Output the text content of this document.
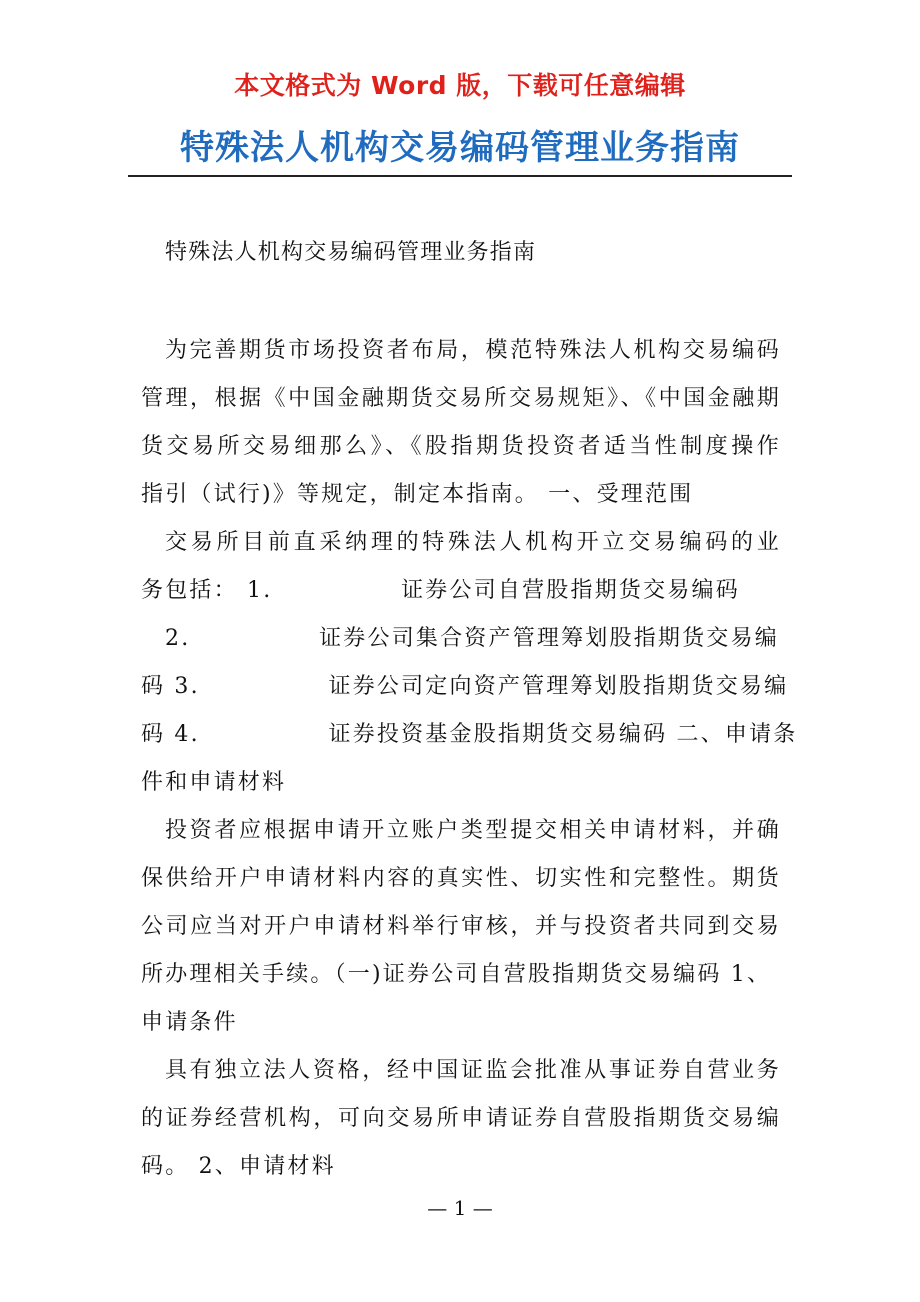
本文格式为 Word 版，下载可任意编辑
特殊法人机构交易编码管理业务指南
特殊法人机构交易编码管理业务指南
为完善期货市场投资者布局，模范特殊法人机构交易编码
管理，根据《中国金融期货交易所交易规矩》、《中国金融期
货交易所交易细那么》、《股指期货投资者适当性制度操作
指引（试行)》等规定，制定本指南。 一、受理范围
交易所目前直采纳理的特殊法人机构开立交易编码的业
务包括： 1.              证券公司自营股指期货交易编码
2.              证券公司集合资产管理筹划股指期货交易编
码 3.              证券公司定向资产管理筹划股指期货交易编
码 4.              证券投资基金股指期货交易编码 二、申请条
件和申请材料
投资者应根据申请开立账户类型提交相关申请材料，并确
保供给开户申请材料内容的真实性、切实性和完整性。期货
公司应当对开户申请材料举行审核，并与投资者共同到交易
所办理相关手续。（一)证券公司自营股指期货交易编码 1、
申请条件
具有独立法人资格，经中国证监会批准从事证券自营业务
的证券经营机构，可向交易所申请证券自营股指期货交易编
码。 2、申请材料
— 1 —
